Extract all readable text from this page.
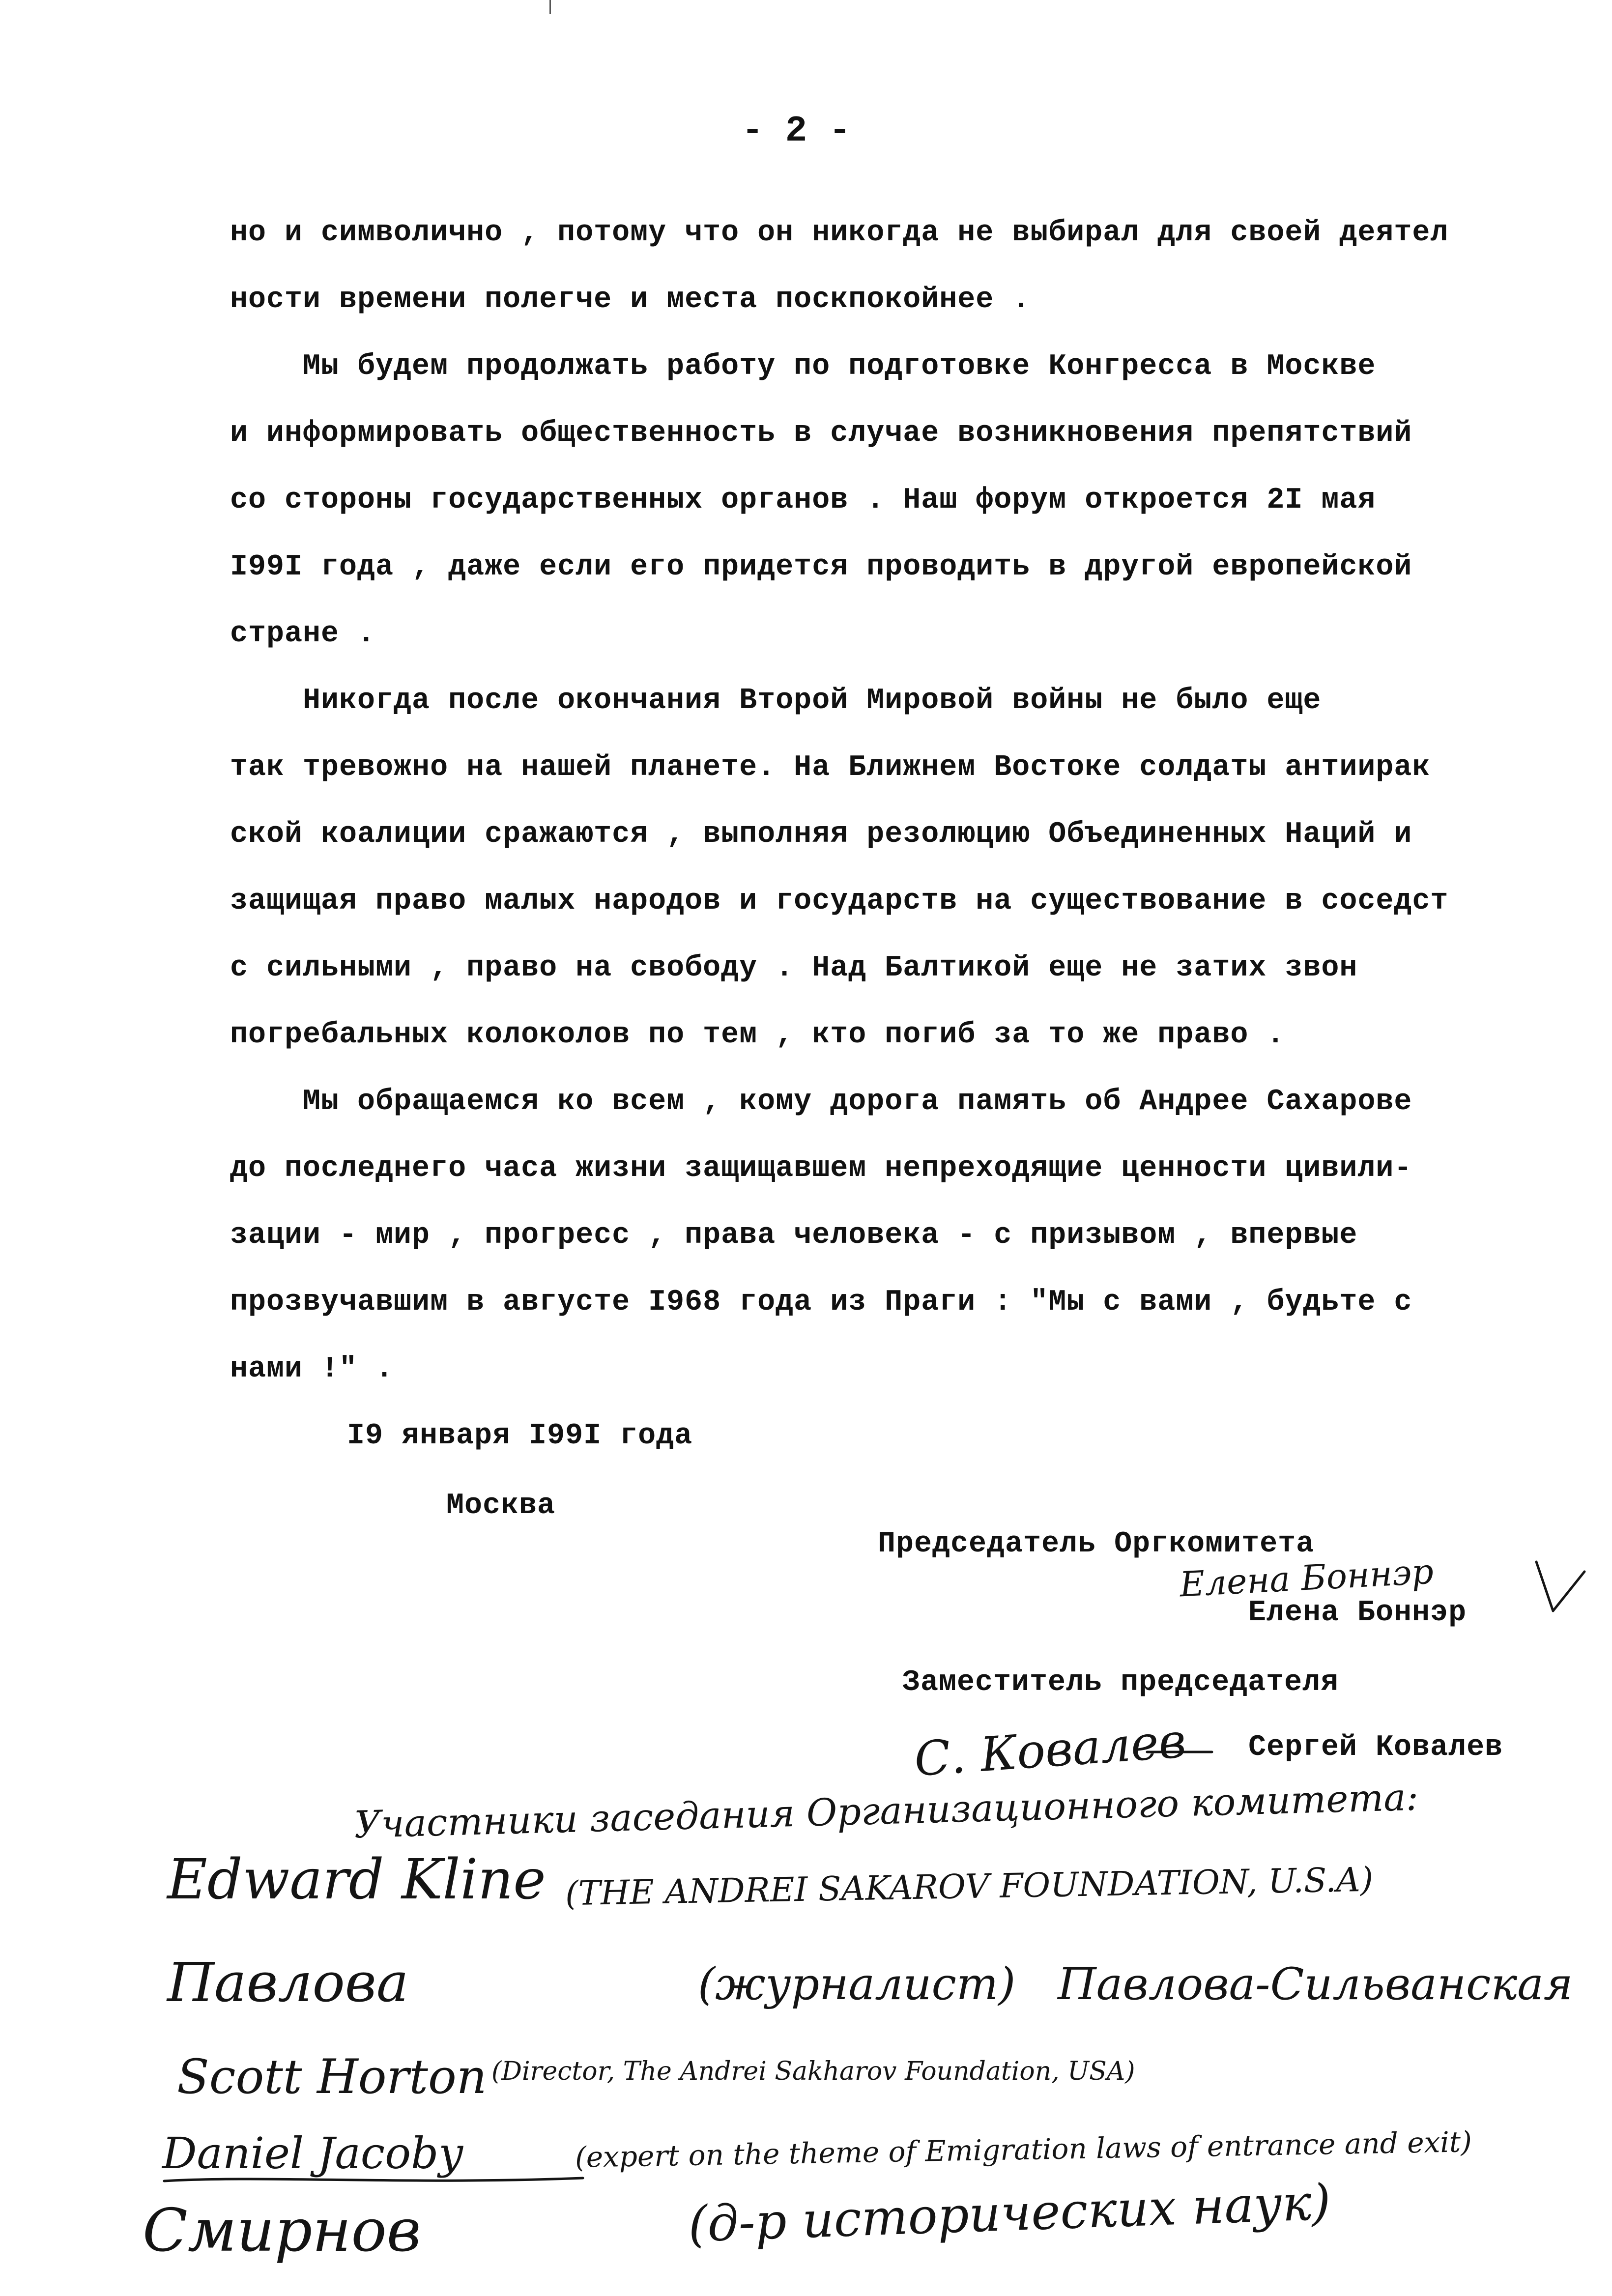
- 2 -
но и символично , потому что он никогда не выбирал для своей деятел
ности времени полегче и места поскпокойнее .
Мы будем продолжать работу по подготовке Конгресса в Москве
и информировать общественность в случае возникновения препятствий
со стороны государственных органов . Наш форум откроется 2I мая
I99I года , даже если его придется проводить в другой европейской
стране .
Никогда после окончания Второй Мировой войны не было еще
так тревожно на нашей планете. На Ближнем Востоке солдаты антиирак
ской коалиции сражаются , выполняя резолюцию Объединенных Наций и
защищая право малых народов и государств на существование в соседст
с сильными , право на свободу . Над Балтикой еще не затих звон
погребальных колоколов по тем , кто погиб за то же право .
Мы обращаемся ко всем , кому дорога память об Андрее Сахарове
до последнего часа жизни защищавшем непреходящие ценности цивили-
зации - мир , прогресс , права человека - с призывом , впервые
прозвучавшим в августе I968 года из Праги : "Мы с вами , будьте с
нами !" .
I9 января I99I года
Москва
Председатель Оргкомитета
Елена Боннэр
Елена Боннэр
Заместитель председателя
С. Ковалев Сергей Ковалев
Участники заседания Организационного комитета:
Edward Kline (THE ANDREI SAKAROV FOUNDATION, U.S.A)
Павлова	(журналист)   Павлова-Сильванская
Scott Horton (Director, The Andrei Sakharov Foundation, USA)
Daniel Jacoby	(expert on the theme of Emigration laws of entrance and exit)
Смирнов	(д-р исторических наук)
